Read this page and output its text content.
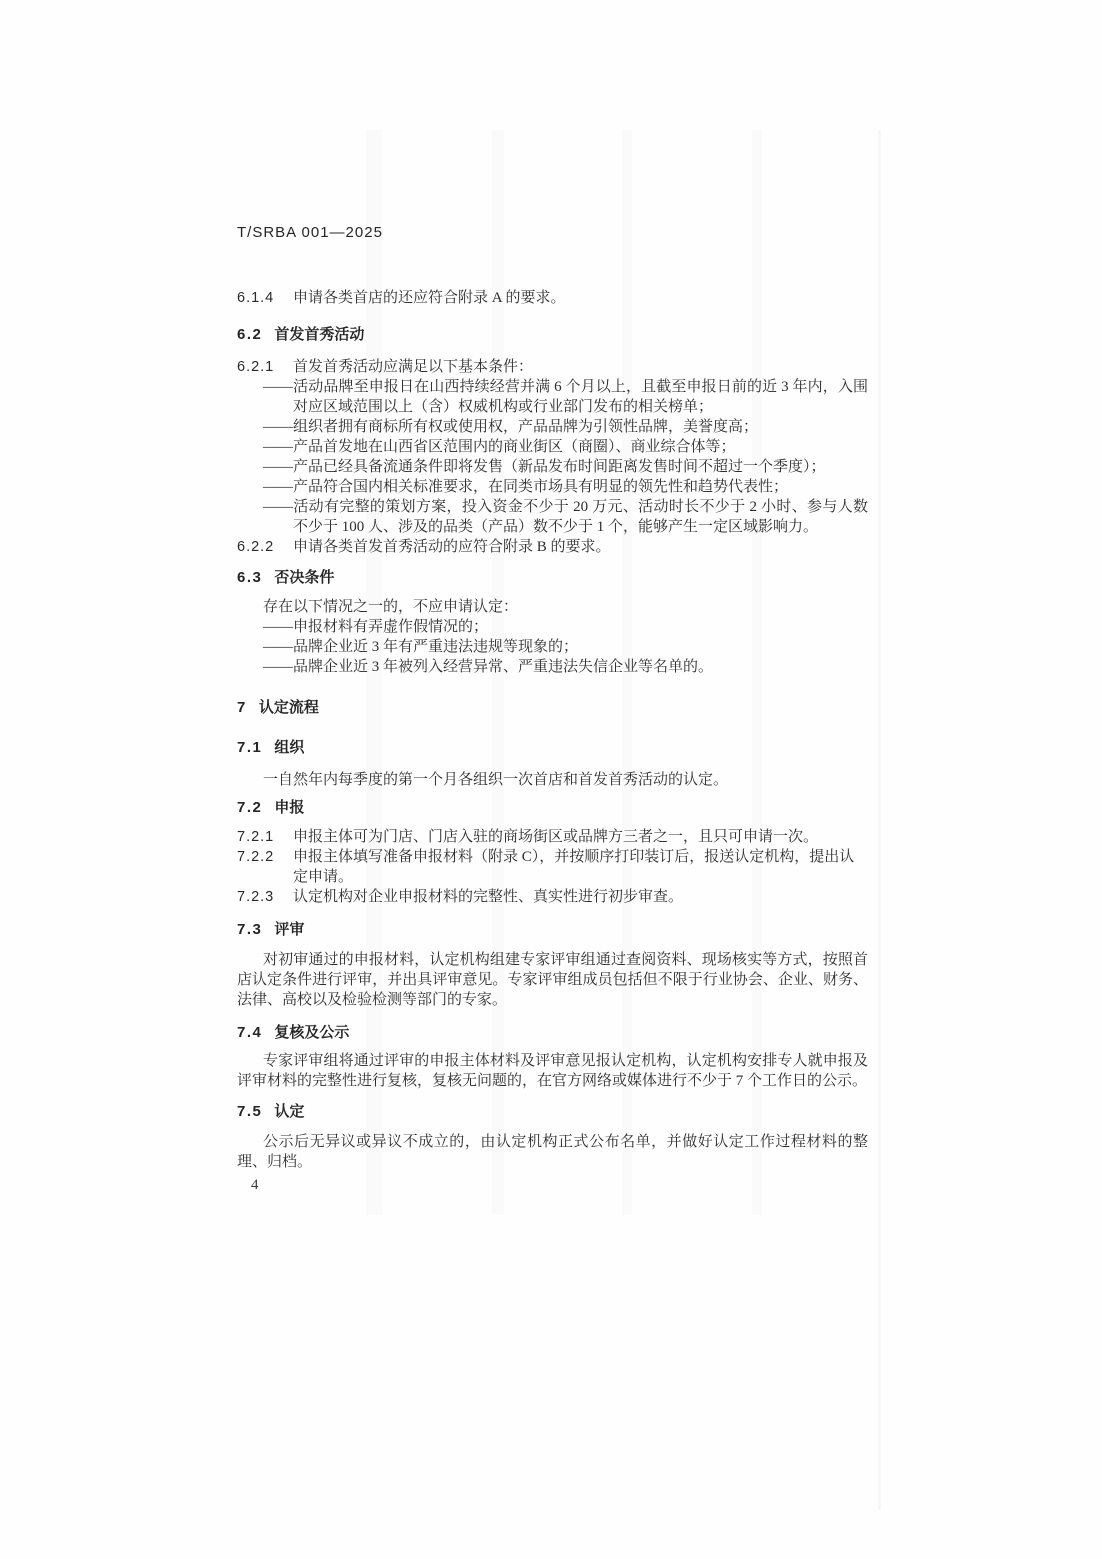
T/SRBA 001—2025
6.1.4 申请各类首店的还应符合附录 A 的要求。
6.2 首发首秀活动
6.2.1 首发首秀活动应满足以下基本条件：
——活动品牌至申报日在山西持续经营并满 6 个月以上，且截至申报日前的近 3 年内，入围对应区域范围以上（含）权威机构或行业部门发布的相关榜单；
——组织者拥有商标所有权或使用权，产品品牌为引领性品牌，美誉度高；
——产品首发地在山西省区范围内的商业街区（商圈）、商业综合体等；
——产品已经具备流通条件即将发售（新品发布时间距离发售时间不超过一个季度）；
——产品符合国内相关标准要求，在同类市场具有明显的领先性和趋势代表性；
——活动有完整的策划方案，投入资金不少于 20 万元、活动时长不少于 2 小时、参与人数不少于 100 人、涉及的品类（产品）数不少于 1 个，能够产生一定区域影响力。
6.2.2 申请各类首发首秀活动的应符合附录 B 的要求。
6.3 否决条件
存在以下情况之一的，不应申请认定：
——申报材料有弄虚作假情况的；
——品牌企业近 3 年有严重违法违规等现象的；
——品牌企业近 3 年被列入经营异常、严重违法失信企业等名单的。
7 认定流程
7.1 组织
一自然年内每季度的第一个月各组织一次首店和首发首秀活动的认定。
7.2 申报
7.2.1 申报主体可为门店、门店入驻的商场街区或品牌方三者之一，且只可申请一次。
7.2.2 申报主体填写准备申报材料（附录 C），并按顺序打印装订后，报送认定机构，提出认定申请。
7.2.3 认定机构对企业申报材料的完整性、真实性进行初步审查。
7.3 评审
对初审通过的申报材料，认定机构组建专家评审组通过查阅资料、现场核实等方式，按照首店认定条件进行评审，并出具评审意见。专家评审组成员包括但不限于行业协会、企业、财务、法律、高校以及检验检测等部门的专家。
7.4 复核及公示
专家评审组将通过评审的申报主体材料及评审意见报认定机构，认定机构安排专人就申报及评审材料的完整性进行复核，复核无问题的，在官方网络或媒体进行不少于 7 个工作日的公示。
7.5 认定
公示后无异议或异议不成立的，由认定机构正式公布名单，并做好认定工作过程材料的整理、归档。
4
